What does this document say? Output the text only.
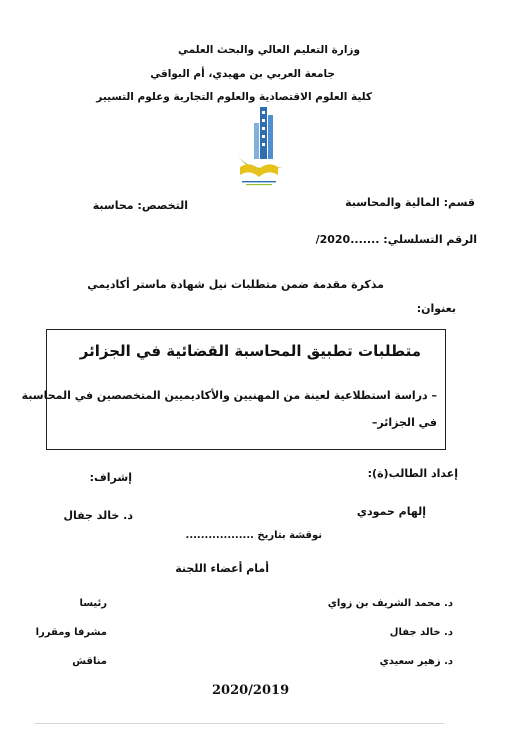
وزارة التعليم العالي والبحث العلمي
جامعة العربي بن مهيدي، أم البواقي
كلية العلوم الاقتصادية والعلوم التجارية وعلوم التسيير
قسم: المالية والمحاسبة
التخصص: محاسبة
الرقم التسلسلي: .......2020/
مذكرة مقدمة ضمن متطلبات نيل شهادة ماستر أكاديمي
بعنوان:
متطلبات تطبيق المحاسبة القضائية في الجزائر
– دراسة استطلاعية لعينة من المهنيين والأكاديميين المتخصصين في المحاسبة
في الجزائر–
إعداد الطالب(ة):
إشراف:
إلهام حمودي
د. خالد جفال
نوقشة بتاريخ ..................
أمام أعضاء اللجنة
د. محمد الشريف بن زواي
رئيسا
د. خالد جفال
مشرفا ومقررا
د. زهير سعيدي
مناقش
2020/2019
